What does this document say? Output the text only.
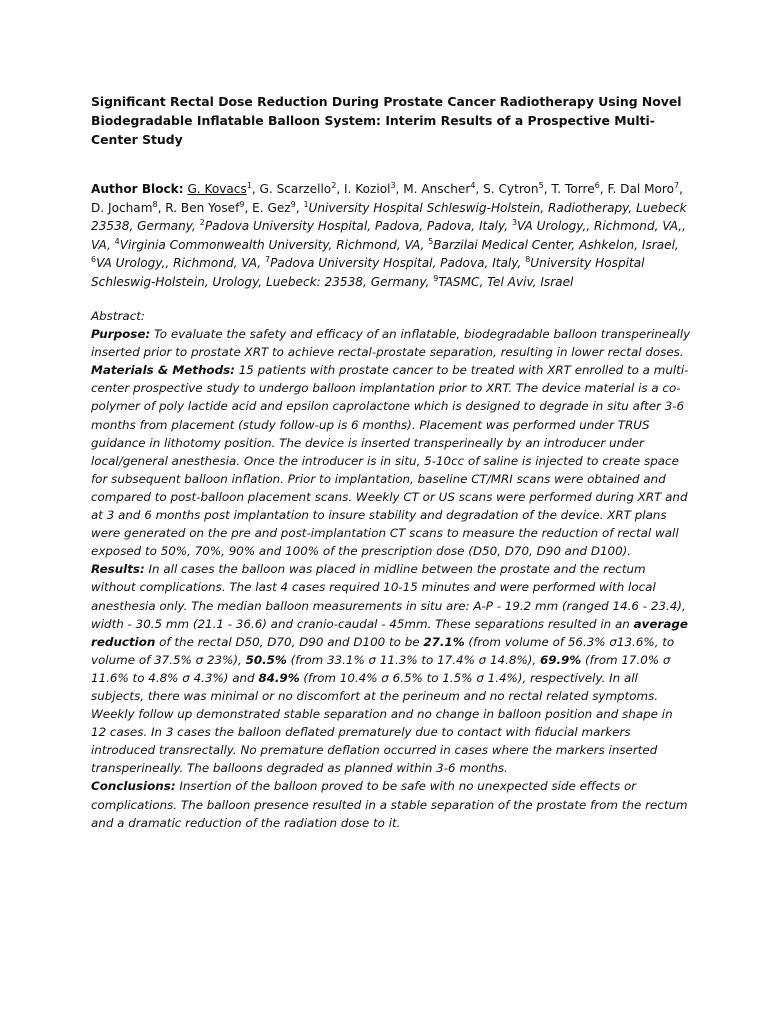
Significant Rectal Dose Reduction During Prostate Cancer Radiotherapy Using Novel Biodegradable Inflatable Balloon System: Interim Results of a Prospective Multi-Center Study

Author Block: G. Kovacs$^1$, G. Scarzello$^2$, I. Koziol$^3$, M. Anscher$^4$, S. Cytron$^5$, T. Torre$^6$, F. Dal Moro$^7$, D. Jocham$^8$, R. Ben Yosef$^9$, E. Gez$^9$, $^1$University Hospital Schleswig-Holstein, Radiotherapy, Luebeck 23538, Germany, $^2$Padova University Hospital, Padova, Padova, Italy, $^3$VA Urology,, Richmond, VA,, VA, $^4$Virginia Commonwealth University, Richmond, VA, $^5$Barzilai Medical Center, Ashkelon, Israel, $^6$VA Urology,, Richmond, VA, $^7$Padova University Hospital, Padova, Italy, $^8$University Hospital Schleswig-Holstein, Urology, Luebeck: 23538, Germany, $^9$TASMC, Tel Aviv, Israel

Abstract:

Purpose: To evaluate the safety and efficacy of an inflatable, biodegradable balloon transperineally inserted prior to prostate XRT to achieve rectal-prostate separation, resulting in lower rectal doses.

Materials & Methods: 15 patients with prostate cancer to be treated with XRT enrolled to a multi-center prospective study to undergo balloon implantation prior to XRT. The device material is a co-polymer of poly lactide acid and epsilon caprolactone which is designed to degrade in situ after 3-6 months from placement (study follow-up is 6 months). Placement was performed under TRUS guidance in lithotomy position. The device is inserted transperineally by an introducer under local/general anesthesia. Once the introducer is in situ, 5-10cc of saline is injected to create space for subsequent balloon inflation. Prior to implantation, baseline CT/MRI scans were obtained and compared to post-balloon placement scans. Weekly CT or US scans were performed during XRT and at 3 and 6 months post implantation to insure stability and degradation of the device. XRT plans were generated on the pre and post-implantation CT scans to measure the reduction of rectal wall exposed to 50%, 70%, 90% and 100% of the prescription dose (D50, D70, D90 and D100).

Results: In all cases the balloon was placed in midline between the prostate and the rectum without complications. The last 4 cases required 10-15 minutes and were performed with local anesthesia only. The median balloon measurements in situ are: A-P - 19.2 mm (ranged 14.6 - 23.4), width - 30.5 mm (21.1 - 36.6) and cranio-caudal - 45mm. These separations resulted in an average reduction of the rectal D50, D70, D90 and D100 to be 27.1% (from volume of 56.3% σ13.6%, to volume of 37.5% σ 23%), 50.5% (from 33.1% σ 11.3% to 17.4% σ 14.8%), 69.9% (from 17.0% σ 11.6% to 4.8% σ 4.3%) and 84.9% (from 10.4% σ 6.5% to 1.5% σ 1.4%), respectively. In all subjects, there was minimal or no discomfort at the perineum and no rectal related symptoms. Weekly follow up demonstrated stable separation and no change in balloon position and shape in 12 cases. In 3 cases the balloon deflated prematurely due to contact with fiducial markers introduced transrectally. No premature deflation occurred in cases where the markers inserted transperineally. The balloons degraded as planned within 3-6 months.

Conclusions: Insertion of the balloon proved to be safe with no unexpected side effects or complications. The balloon presence resulted in a stable separation of the prostate from the rectum and a dramatic reduction of the radiation dose to it.
